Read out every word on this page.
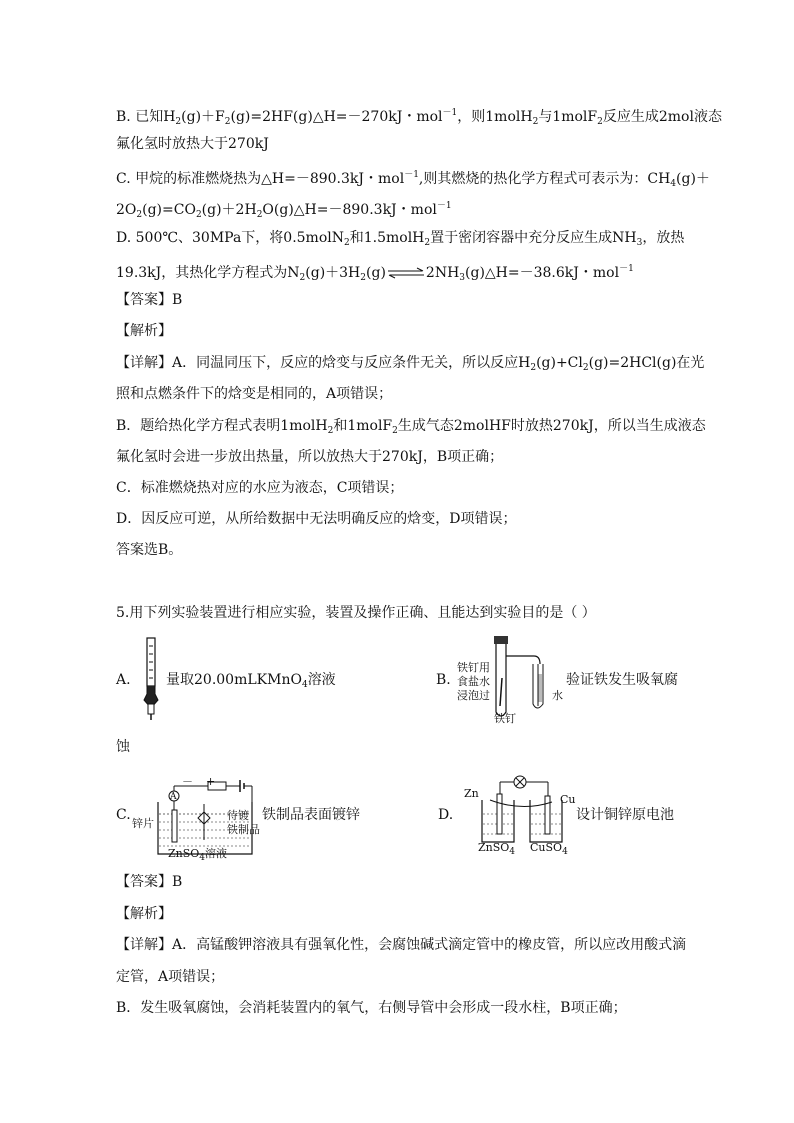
B. 已知$H_2(g)+F_2(g)=2HF(g)\triangle H=-270kJ$・mol$^{-1}$，则1molH$_2$与1molF$_2$反应生成2mol液态
氟化氢时放热大于270kJ
C. 甲烷的标准燃烧热为△H=－890.3kJ・mol$^{-1}$,则其燃烧的热化学方程式可表示为：$CH_4(g)+$
$2O_2(g)=CO_2(g)+2H_2O(g)\triangle H=-890.3kJ$・mol$^{-1}$
D. 500℃、30MPa下，将0.5molN$_2$和1.5molH$_2$置于密闭容器中充分反应生成$NH_3$，放热
19.3kJ，其热化学方程式为$N_2(g)+3H_2(g)\rightleftharpoons 2NH_3(g)\triangle H=-38.6kJ$・mol$^{-1}$
【答案】B
【解析】
【详解】A．同温同压下，反应的焓变与反应条件无关，所以反应$H_2(g)+Cl_2(g)=2HCl(g)$在光
照和点燃条件下的焓变是相同的，A项错误；
B．题给热化学方程式表明1molH$_2$和1molF$_2$生成气态2molHF时放热270kJ，所以当生成液态
氟化氢时会进一步放出热量，所以放热大于270kJ，B项正确；
C．标准燃烧热对应的水应为液态，C项错误；
D．因反应可逆，从所给数据中无法明确反应的焓变，D项错误；
答案选B。
5.用下列实验装置进行相应实验，装置及操作正确、且能达到实验目的是（ ）
A.	量取20.00mLKMnO$_4$溶液	B.
铁钉用
食盐水
浸泡过
铁钉
水
验证铁发生吸氧腐
蚀
C.
A
－ +
锌片
待镀
铁制品
ZnSO$_4$溶液
铁制品表面镀锌	D.
Zn	Cu
ZnSO$_4$ CuSO$_4$
设计铜锌原电池
【答案】B
【解析】
【详解】A．高锰酸钾溶液具有强氧化性，会腐蚀碱式滴定管中的橡皮管，所以应改用酸式滴
定管，A项错误；
B．发生吸氧腐蚀，会消耗装置内的氧气，右侧导管中会形成一段水柱，B项正确；
